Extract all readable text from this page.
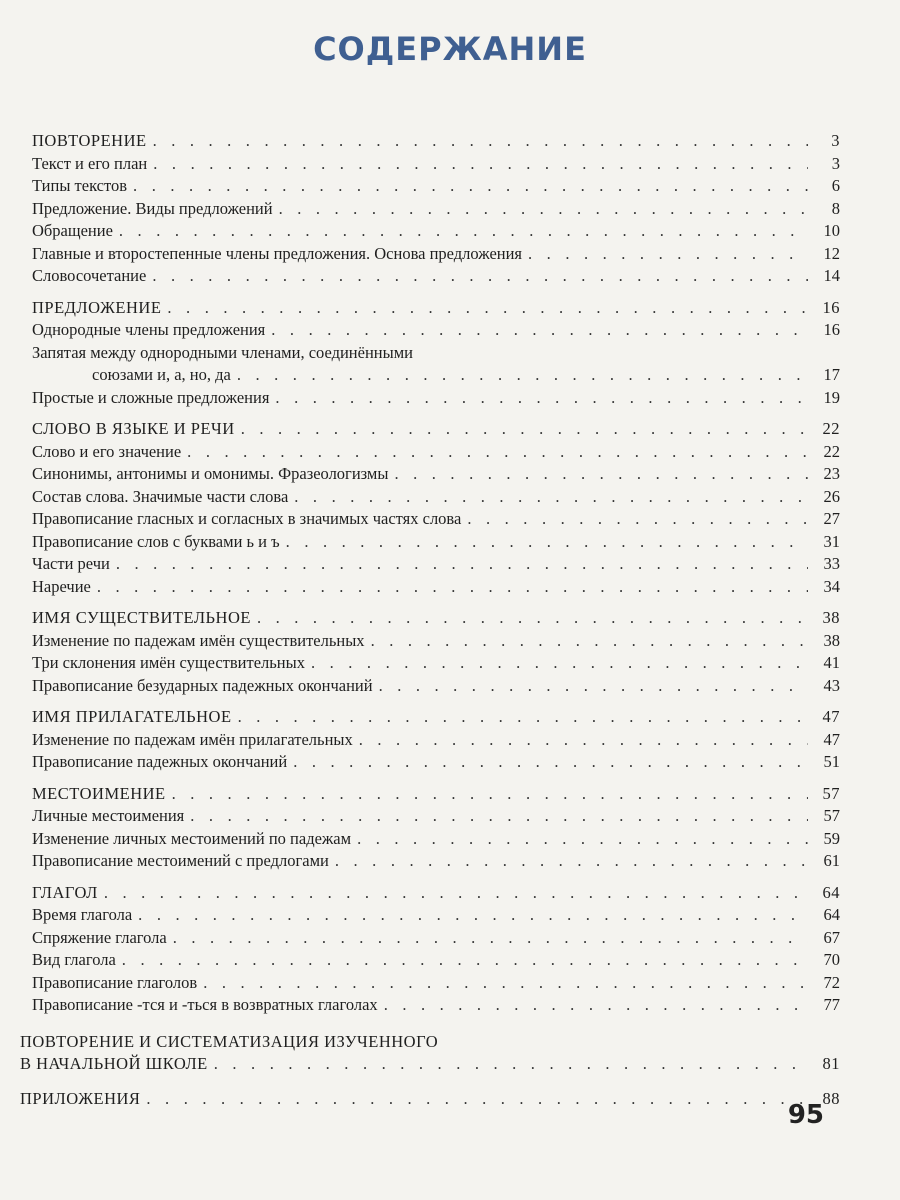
СОДЕРЖАНИЕ
ПОВТОРЕНИЕ . . .	3
Текст и его план . . .	3
Типы текстов . . .	6
Предложение. Виды предложений . . .	8
Обращение . . .	10
Главные и второстепенные члены предложения. Основа предложения . . .	12
Словосочетание . . .	14
ПРЕДЛОЖЕНИЕ . . .	16
Однородные члены предложения . . .	16
Запятая между однородными членами, соединёнными
союзами и, а, но, да . . .	17
Простые и сложные предложения . . .	19
СЛОВО В ЯЗЫКЕ И РЕЧИ . . .	22
Слово и его значение . . .	22
Синонимы, антонимы и омонимы. Фразеологизмы . . .	23
Состав слова. Значимые части слова . . .	26
Правописание гласных и согласных в значимых частях слова . . .	27
Правописание слов с буквами ь и ъ . . .	31
Части речи . . .	33
Наречие . . .	34
ИМЯ СУЩЕСТВИТЕЛЬНОЕ . . .	38
Изменение по падежам имён существительных . . .	38
Три склонения имён существительных . . .	41
Правописание безударных падежных окончаний . . .	43
ИМЯ ПРИЛАГАТЕЛЬНОЕ . . .	47
Изменение по падежам имён прилагательных . . .	47
Правописание падежных окончаний . . .	51
МЕСТОИМЕНИЕ . . .	57
Личные местоимения . . .	57
Изменение личных местоимений по падежам . . .	59
Правописание местоимений с предлогами . . .	61
ГЛАГОЛ . . .	64
Время глагола . . .	64
Спряжение глагола . . .	67
Вид глагола . . .	70
Правописание глаголов . . .	72
Правописание -тся и -ться в возвратных глаголах . . .	77
ПОВТОРЕНИЕ И СИСТЕМАТИЗАЦИЯ ИЗУЧЕННОГО
В НАЧАЛЬНОЙ ШКОЛЕ . . .	81
ПРИЛОЖЕНИЯ . . .	88
95
